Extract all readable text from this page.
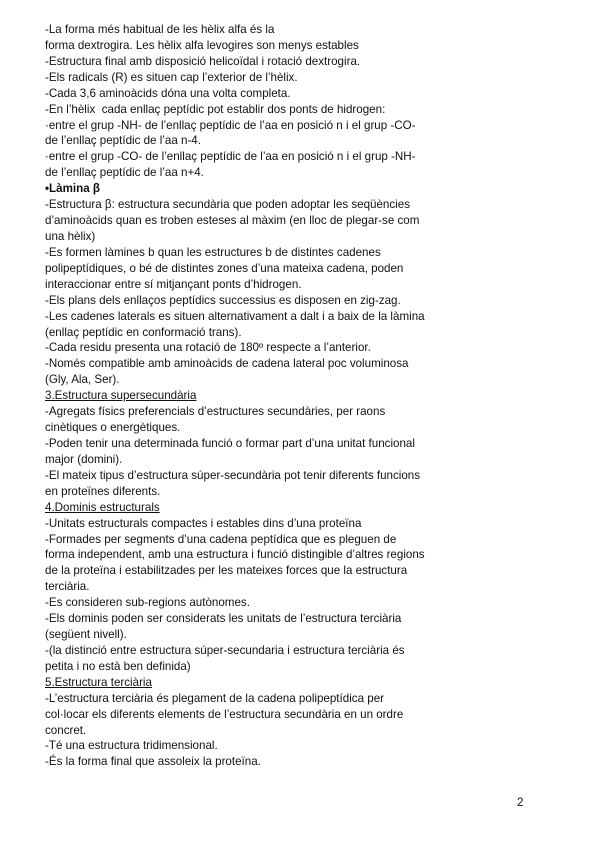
-La forma més habitual de les hèlix alfa és la
forma dextrogira. Les hèlix alfa levogires son menys estables
-Estructura final amb disposició helicoïdal i rotació dextrogira.
-Els radicals (R) es situen cap l’exterior de l’hèlix.
-Cada 3,6 aminoàcids dóna una volta completa.
-En l’hèlix  cada enllaç peptídic pot establir dos ponts de hidrogen:
·entre el grup -NH- de l’enllaç peptídic de l’aa en posició n i el grup -CO-
de l’enllaç peptídic de l’aa n-4.
·entre el grup -CO- de l’enllaç peptídic de l’aa en posició n i el grup -NH-
de l’enllaç peptídic de l’aa n+4.
•Làmina β
-Estructura β: estructura secundària que poden adoptar les seqüències
d’aminoàcids quan es troben esteses al màxim (en lloc de plegar-se com
una hèlix)
-Es formen làmines b quan les estructures b de distintes cadenes
polipeptídiques, o bé de distintes zones d’una mateixa cadena, poden
interaccionar entre sí mitjançant ponts d’hidrogen.
-Els plans dels enllaços peptídics successius es disposen en zig-zag.
-Les cadenes laterals es situen alternativament a dalt i a baix de la làmina
(enllaç peptídic en conformació trans).
-Cada residu presenta una rotació de 180º respecte a l’anterior.
-Només compatible amb aminoàcids de cadena lateral poc voluminosa
(Gly, Ala, Ser).
3.Estructura supersecundària
-Agregats físics preferencials d’estructures secundàries, per raons
cinètiques o energètiques.
-Poden tenir una determinada funció o formar part d’una unitat funcional
major (domini).
-El mateix tipus d’estructura súper-secundària pot tenir diferents funcions
en proteïnes diferents.
4.Dominis estructurals
-Unitats estructurals compactes i estables dins d’una proteïna
-Formades per segments d’una cadena peptídica que es pleguen de
forma independent, amb una estructura i funció distingible d’altres regions
de la proteïna i estabilitzades per les mateixes forces que la estructura
terciària.
-Es consideren sub-regions autònomes.
-Els dominis poden ser considerats les unitats de l’estructura terciària
(següent nivell).
-(la distinció entre estructura súper-secundaria i estructura terciària és
petita i no està ben definida)
5.Estructura terciària
-L’estructura terciària és plegament de la cadena polipeptídica per
col·locar els diferents elements de l’estructura secundària en un ordre
concret.
-Té una estructura tridimensional.
-És la forma final que assoleix la proteïna.
2
